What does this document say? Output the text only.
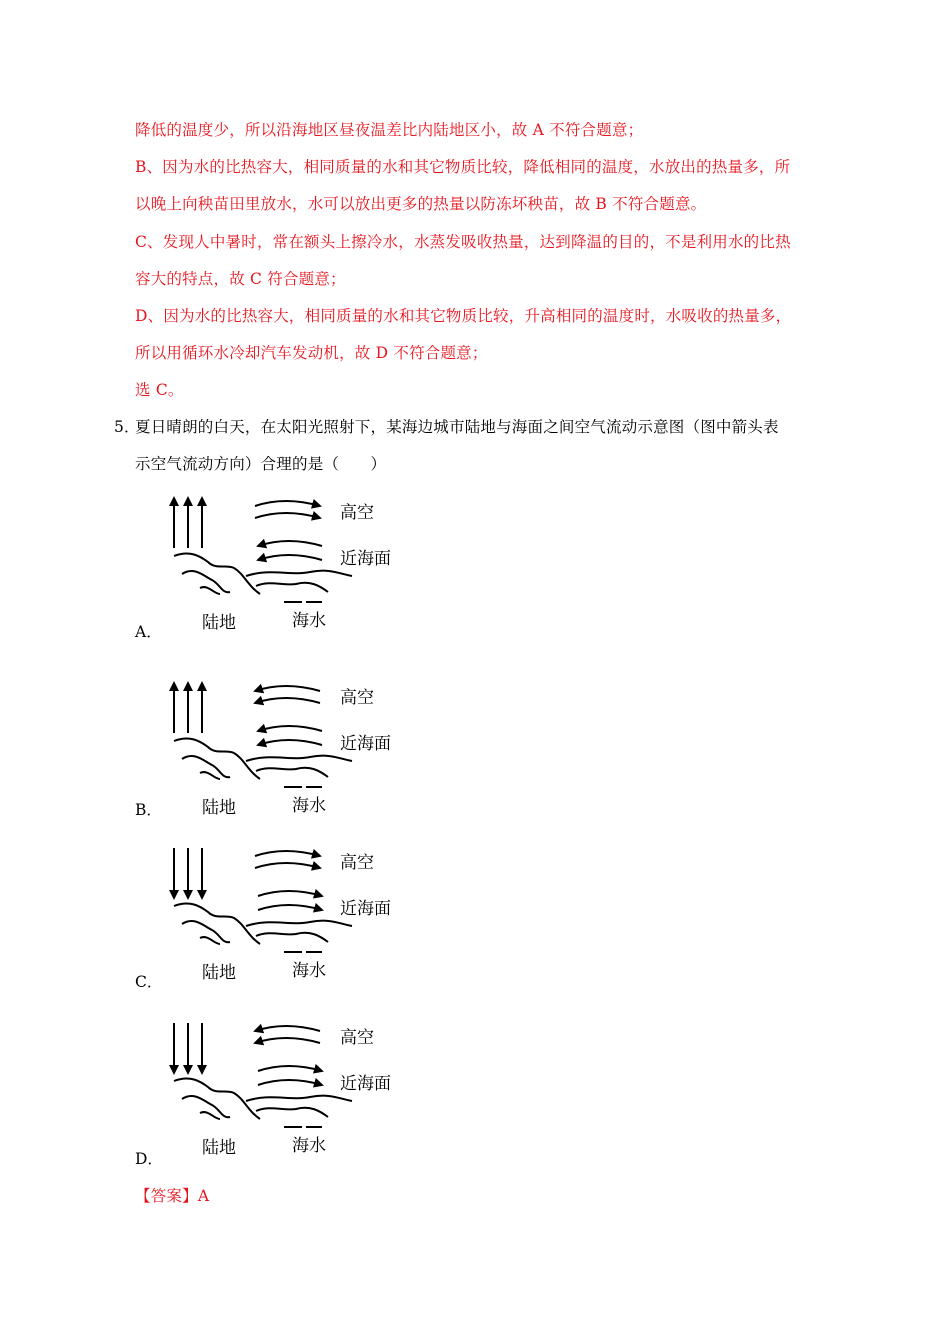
降低的温度少，所以沿海地区昼夜温差比内陆地区小，故 A 不符合题意；
B、因为水的比热容大，相同质量的水和其它物质比较，降低相同的温度，水放出的热量多，所
以晚上向秧苗田里放水，水可以放出更多的热量以防冻坏秧苗，故 B 不符合题意。
C、发现人中暑时，常在额头上擦冷水，水蒸发吸收热量，达到降温的目的，不是利用水的比热
容大的特点，故 C 符合题意；
D、因为水的比热容大，相同质量的水和其它物质比较，升高相同的温度时，水吸收的热量多，
所以用循环水冷却汽车发动机，故 D 不符合题意；
选 C。
5．
夏日晴朗的白天，在太阳光照射下，某海边城市陆地与海面之间空气流动示意图（图中箭头表
示空气流动方向）合理的是（　　）
高空
近海面
陆地	海水
A．
高空
近海面
陆地	海水
B．
高空
近海面
陆地	海水
C．
高空
近海面
陆地	海水
D．
【答案】A
